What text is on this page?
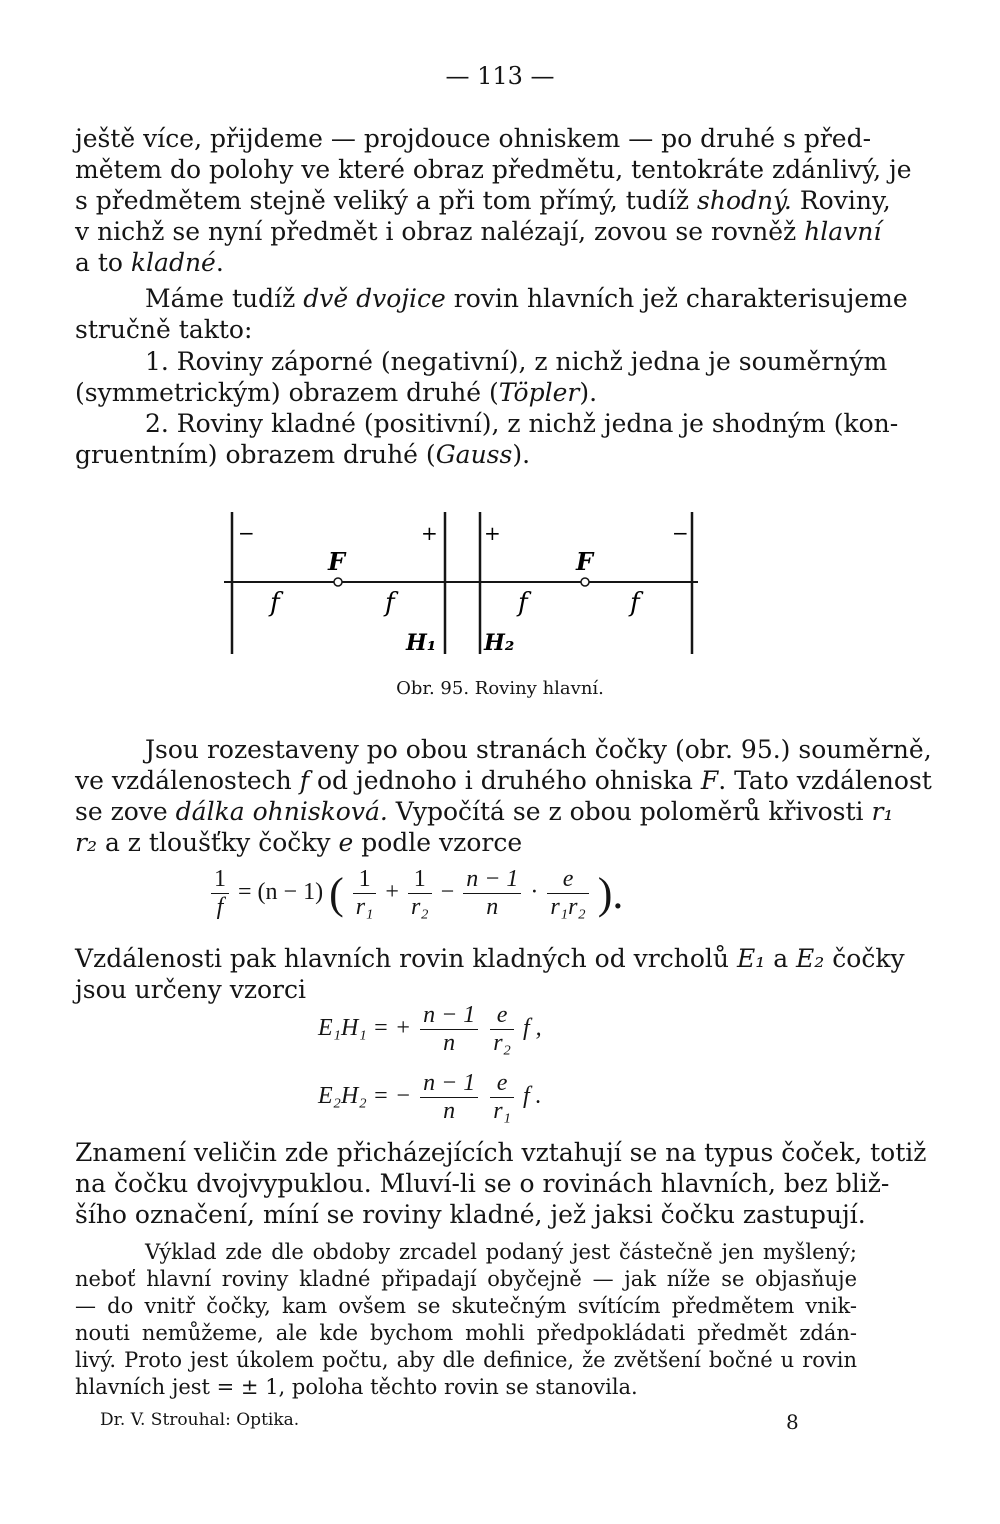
— 113 —
ještě více, přijdeme — projdouce ohniskem — po druhé s před-
mětem do polohy ve které obraz předmětu, tentokráte zdánlivý, je
s předmětem stejně veliký a při tom přímý, tudíž shodný. Roviny,
v nichž se nyní předmět i obraz nalézají, zovou se rovněž hlavní
a to kladné.
Máme tudíž dvě dvojice rovin hlavních jež charakterisujeme
stručně takto:
1. Roviny záporné (negativní), z nichž jedna je souměrným
(symmetrickým) obrazem druhé (Töpler).
2. Roviny kladné (positivní), z nichž jedna je shodným (kon-
gruentním) obrazem druhé (Gauss).
−	+ +	−
F	F
f	f	f	f
H₁ H₂
Obr. 95. Roviny hlavní.
Jsou rozestaveny po obou stranách čočky (obr. 95.) souměrně,
ve vzdálenostech f od jednoho i druhého ohniska F. Tato vzdálenost
se zove dálka ohnisková. Vypočítá se z obou poloměrů křivosti r₁
r₂ a z tloušťky čočky e podle vzorce
$\frac{1}{f} = (n - 1)$ ( $\frac{1}{\text{r₁}} + \frac{1}{\text{r₂}} - \frac{n - 1}{n} \cdot \frac{e}{\text{r₁r₂}}$ ).
Vzdálenosti pak hlavních rovin kladných od vrcholů E₁ a E₂ čočky
jsou určeny vzorci
E₁H₁ = + $\frac{n - 1}{n}$
$\frac{e}{\text{r₂}}$ f ,
E₂H₂ = − $\frac{n - 1}{n}$
$\frac{e}{\text{r₁}}$ f .
Znamení veličin zde přicházejících vztahují se na typus čoček, totiž
na čočku dvojvypuklou. Mluví-li se o rovinách hlavních, bez bliž-
šího označení, míní se roviny kladné, jež jaksi čočku zastupují.
Výklad zde dle obdoby zrcadel podaný jest částečně jen myšlený;
neboť hlavní roviny kladné připadají obyčejně — jak níže se objasňuje
— do vnitř čočky, kam ovšem se skutečným svítícím předmětem vnik-
nouti nemůžeme, ale kde bychom mohli předpokládati předmět zdán-
livý. Proto jest úkolem počtu, aby dle definice, že zvětšení bočné u rovin
hlavních jest = ± 1, poloha těchto rovin se stanovila.
Dr. V. Strouhal: Optika.	8
